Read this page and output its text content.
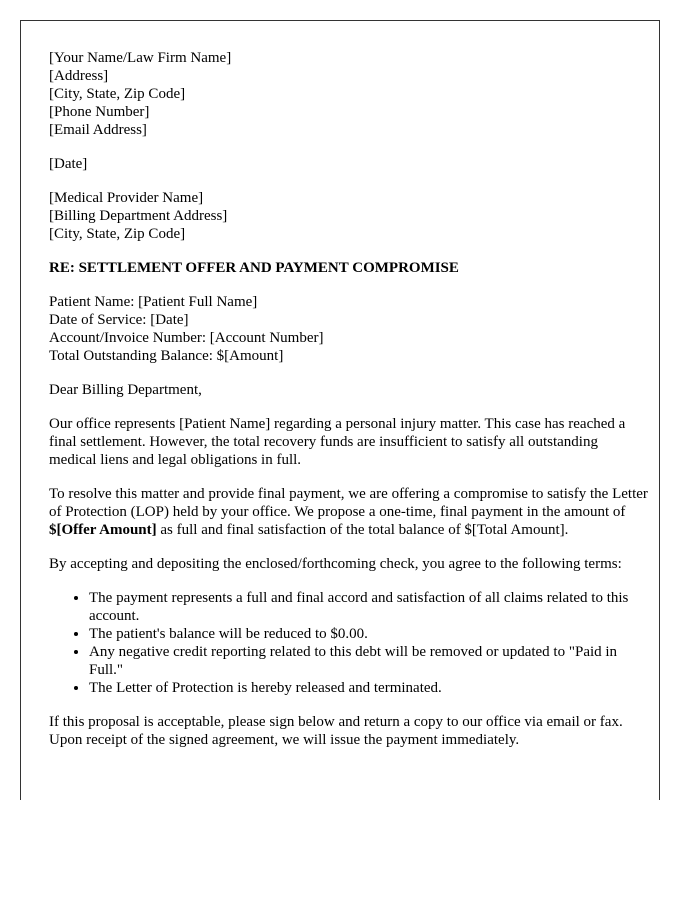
[Your Name/Law Firm Name]
[Address]
[City, State, Zip Code]
[Phone Number]
[Email Address]
[Date]
[Medical Provider Name]
[Billing Department Address]
[City, State, Zip Code]
RE: SETTLEMENT OFFER AND PAYMENT COMPROMISE
Patient Name: [Patient Full Name]
Date of Service: [Date]
Account/Invoice Number: [Account Number]
Total Outstanding Balance: $[Amount]

Dear Billing Department,

Our office represents [Patient Name] regarding a personal injury matter. This case has reached a final settlement. However, the total recovery funds are insufficient to satisfy all outstanding medical liens and legal obligations in full.

To resolve this matter and provide final payment, we are offering a compromise to satisfy the Letter of Protection (LOP) held by your office. We propose a one-time, final payment in the amount of $[Offer Amount] as full and final satisfaction of the total balance of $[Total Amount].

By accepting and depositing the enclosed/forthcoming check, you agree to the following terms:

• The payment represents a full and final accord and satisfaction of all claims related to this account.
• The patient's balance will be reduced to $0.00.
• Any negative credit reporting related to this debt will be removed or updated to "Paid in Full."
• The Letter of Protection is hereby released and terminated.

If this proposal is acceptable, please sign below and return a copy to our office via email or fax. Upon receipt of the signed agreement, we will issue the payment immediately.
